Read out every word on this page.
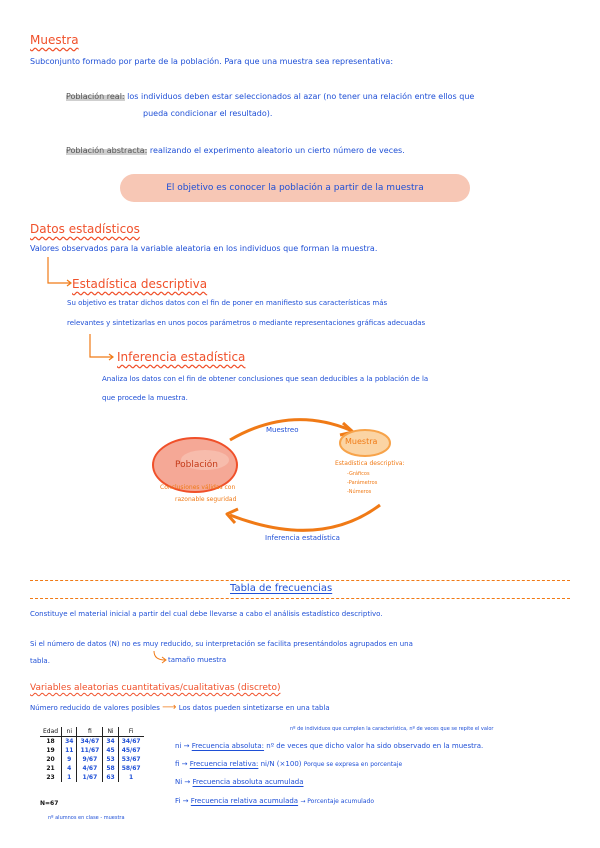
Muestra
Subconjunto formado por parte de la población. Para que una muestra sea representativa:
Población real: los individuos deben estar seleccionados al azar (no tener una relación entre ellos que
pueda condicionar el resultado).
Población abstracta: realizando el experimento aleatorio un cierto número de veces.
El objetivo es conocer la población a partir de la muestra
Datos estadísticos
Valores observados para la variable aleatoria en los individuos que forman la muestra.
Estadística descriptiva
Su objetivo es tratar dichos datos con el fin de poner en manifiesto sus características más
relevantes y sintetizarlas en unos pocos parámetros o mediante representaciones gráficas adecuadas
Inferencia estadística
Analiza los datos con el fin de obtener conclusiones que sean deducibles a la población de la
que procede la muestra.
Muestreo
Población
Muestra
Conclusiones válidas con
razonable seguridad
Estadística descriptiva:
-Gráficos
-Parámetros
-Números
Inferencia estadística
Tabla de frecuencias
Constituye el material inicial a partir del cual debe llevarse a cabo el análisis estadístico descriptivo.
Si el número de datos (N) no es muy reducido, su interpretación se facilita presentándolos agrupados en una
tabla.	tamaño muestra
Variables aleatorias cuantitativas/cualitativas (discreto)
Número reducido de valores posibles ⟶ Los datos pueden sintetizarse en una tabla
nº de individuos que cumplen la característica, nº de veces que se repite el valor
Edad	ni	fi	Ni	Fi
18	34	34/67	34	34/67
19	11	11/67	45	45/67
20	9	9/67	53	53/67
21	4	4/67	58	58/67
23	1	1/67	63	1
N=67
nº alumnos en clase - muestra
ni → Frecuencia absoluta: nº de veces que dicho valor ha sido observado en la muestra.
fi → Frecuencia relativa: ni/N (×100) Porque se expresa en porcentaje
Ni → Frecuencia absoluta acumulada
Fi → Frecuencia relativa acumulada → Porcentaje acumulado
